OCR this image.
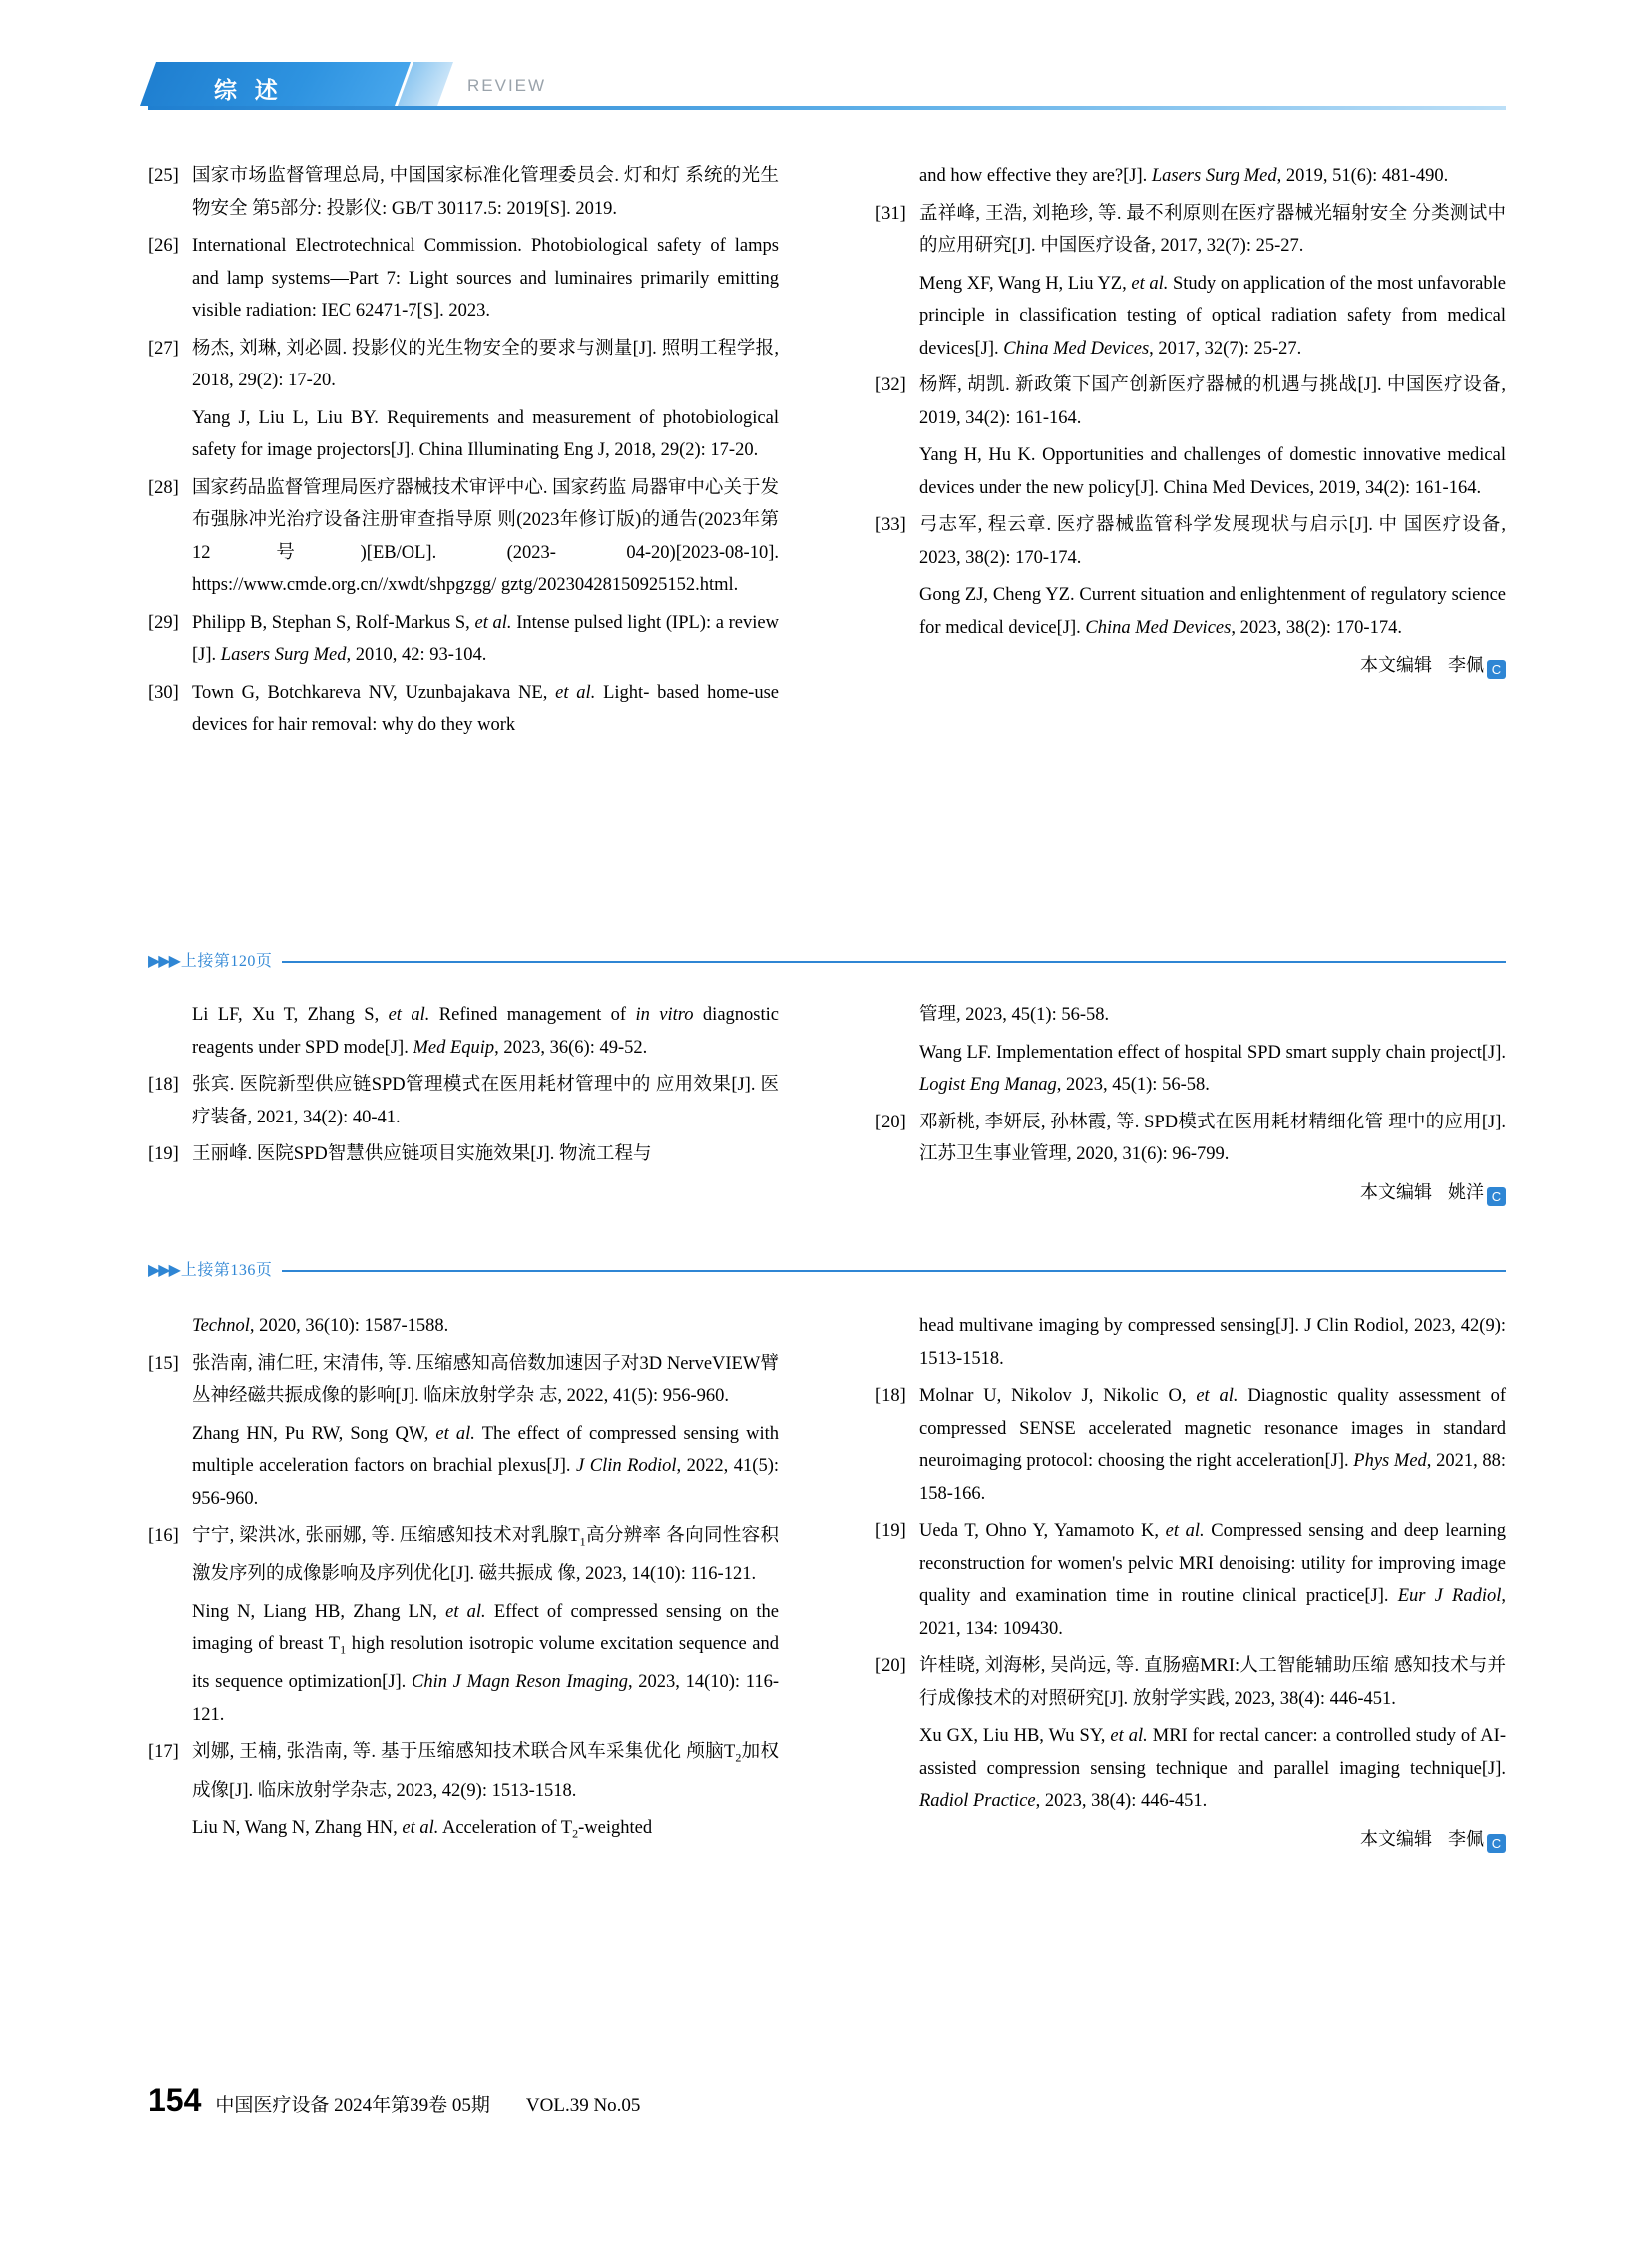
综 述	REVIEW
[25] 国家市场监督管理总局, 中国国家标准化管理委员会. 灯和灯 系统的光生物安全 第5部分: 投影仪: GB/T 30117.5: 2019[S]. 2019.

[26] International Electrotechnical Commission. Photobiological safety of lamps and lamp systems—Part 7: Light sources and luminaires primarily emitting visible radiation: IEC 62471-7[S]. 2023.

[27] 杨杰, 刘琳, 刘必圆. 投影仪的光生物安全的要求与测量[J]. 照明工程学报, 2018, 29(2): 17-20.

Yang J, Liu L, Liu BY. Requirements and measurement of photobiological safety for image projectors[J]. China Illuminating Eng J, 2018, 29(2): 17-20.
[28] 国家药品监督管理局医疗器械技术审评中心. 国家药监 局器审中心关于发布强脉冲光治疗设备注册审查指导原 则(2023年修订版)的通告(2023年第12号)[EB/OL]. (2023- 04-20)[2023-08-10]. https://www.cmde.org.cn//xwdt/shpgzgg/ gztg/20230428150925152.html.

[29] Philipp B, Stephan S, Rolf-Markus S, et al. Intense pulsed light (IPL): a review [J]. Lasers Surg Med, 2010, 42: 93-104.

[30] Town G, Botchkareva NV, Uzunbajakava NE, et al. Light- based home-use devices for hair removal: why do they work

and how effective they are?[J]. Lasers Surg Med, 2019, 51(6): 481-490.
[31] 孟祥峰, 王浩, 刘艳珍, 等. 最不利原则在医疗器械光辐射安全 分类测试中的应用研究[J]. 中国医疗设备, 2017, 32(7): 25-27.

Meng XF, Wang H, Liu YZ, et al. Study on application of the most unfavorable principle in classification testing of optical radiation safety from medical devices[J]. China Med Devices, 2017, 32(7): 25-27.
[32] 杨辉, 胡凯. 新政策下国产创新医疗器械的机遇与挑战[J]. 中国医疗设备, 2019, 34(2): 161-164.

Yang H, Hu K. Opportunities and challenges of domestic innovative medical devices under the new policy[J]. China Med Devices, 2019, 34(2): 161-164.
[33] 弓志军, 程云章. 医疗器械监管科学发展现状与启示[J]. 中 国医疗设备, 2023, 38(2): 170-174.

Gong ZJ, Cheng YZ. Current situation and enlightenment of regulatory science for medical device[J]. China Med Devices, 2023, 38(2): 170-174.
本文编辑 李佩 C
▶▶▶ 上接第120页
Li LF, Xu T, Zhang S, et al. Refined management of in vitro diagnostic reagents under SPD mode[J]. Med Equip, 2023, 36(6): 49-52.
[18] 张宾. 医院新型供应链SPD管理模式在医用耗材管理中的 应用效果[J]. 医疗装备, 2021, 34(2): 40-41.

[19] 王丽峰. 医院SPD智慧供应链项目实施效果[J]. 物流工程与

管理, 2023, 45(1): 56-58.
Wang LF. Implementation effect of hospital SPD smart supply chain project[J]. Logist Eng Manag, 2023, 45(1): 56-58.
[20] 邓新桃, 李妍辰, 孙林霞, 等. SPD模式在医用耗材精细化管 理中的应用[J]. 江苏卫生事业管理, 2020, 31(6): 96-799.

本文编辑 姚洋 C
▶▶▶ 上接第136页
Technol, 2020, 36(10): 1587-1588.
[15] 张浩南, 浦仁旺, 宋清伟, 等. 压缩感知高倍数加速因子对3D NerveVIEW臂丛神经磁共振成像的影响[J]. 临床放射学杂 志, 2022, 41(5): 956-960.

Zhang HN, Pu RW, Song QW, et al. The effect of compressed sensing with multiple acceleration factors on brachial plexus[J]. J Clin Rodiol, 2022, 41(5): 956-960.
[16] 宁宁, 梁洪冰, 张丽娜, 等. 压缩感知技术对乳腺$T_1$高分辨率 各向同性容积激发序列的成像影响及序列优化[J]. 磁共振成 像, 2023, 14(10): 116-121.

Ning N, Liang HB, Zhang LN, et al. Effect of compressed sensing on the imaging of breast $T_1$ high resolution isotropic volume excitation sequence and its sequence optimization[J]. Chin J Magn Reson Imaging, 2023, 14(10): 116-121.
[17] 刘娜, 王楠, 张浩南, 等. 基于压缩感知技术联合风车采集优化 颅脑$T_2$加权成像[J]. 临床放射学杂志, 2023, 42(9): 1513-1518.

Liu N, Wang N, Zhang HN, et al. Acceleration of $T_2$-weighted
head multivane imaging by compressed sensing[J]. J Clin Rodiol, 2023, 42(9): 1513-1518.
[18] Molnar U, Nikolov J, Nikolic O, et al. Diagnostic quality assessment of compressed SENSE accelerated magnetic resonance images in standard neuroimaging protocol: choosing the right acceleration[J]. Phys Med, 2021, 88: 158-166.

[19] Ueda T, Ohno Y, Yamamoto K, et al. Compressed sensing and deep learning reconstruction for women's pelvic MRI denoising: utility for improving image quality and examination time in routine clinical practice[J]. Eur J Radiol, 2021, 134: 109430.

[20] 许桂晓, 刘海彬, 吴尚远, 等. 直肠癌MRI:人工智能辅助压缩 感知技术与并行成像技术的对照研究[J]. 放射学实践, 2023, 38(4): 446-451.

Xu GX, Liu HB, Wu SY, et al. MRI for rectal cancer: a controlled study of AI-assisted compression sensing technique and parallel imaging technique[J]. Radiol Practice, 2023, 38(4): 446-451.
本文编辑 李佩 C
154 中国医疗设备 2024年第39卷 05期 VOL.39 No.05
